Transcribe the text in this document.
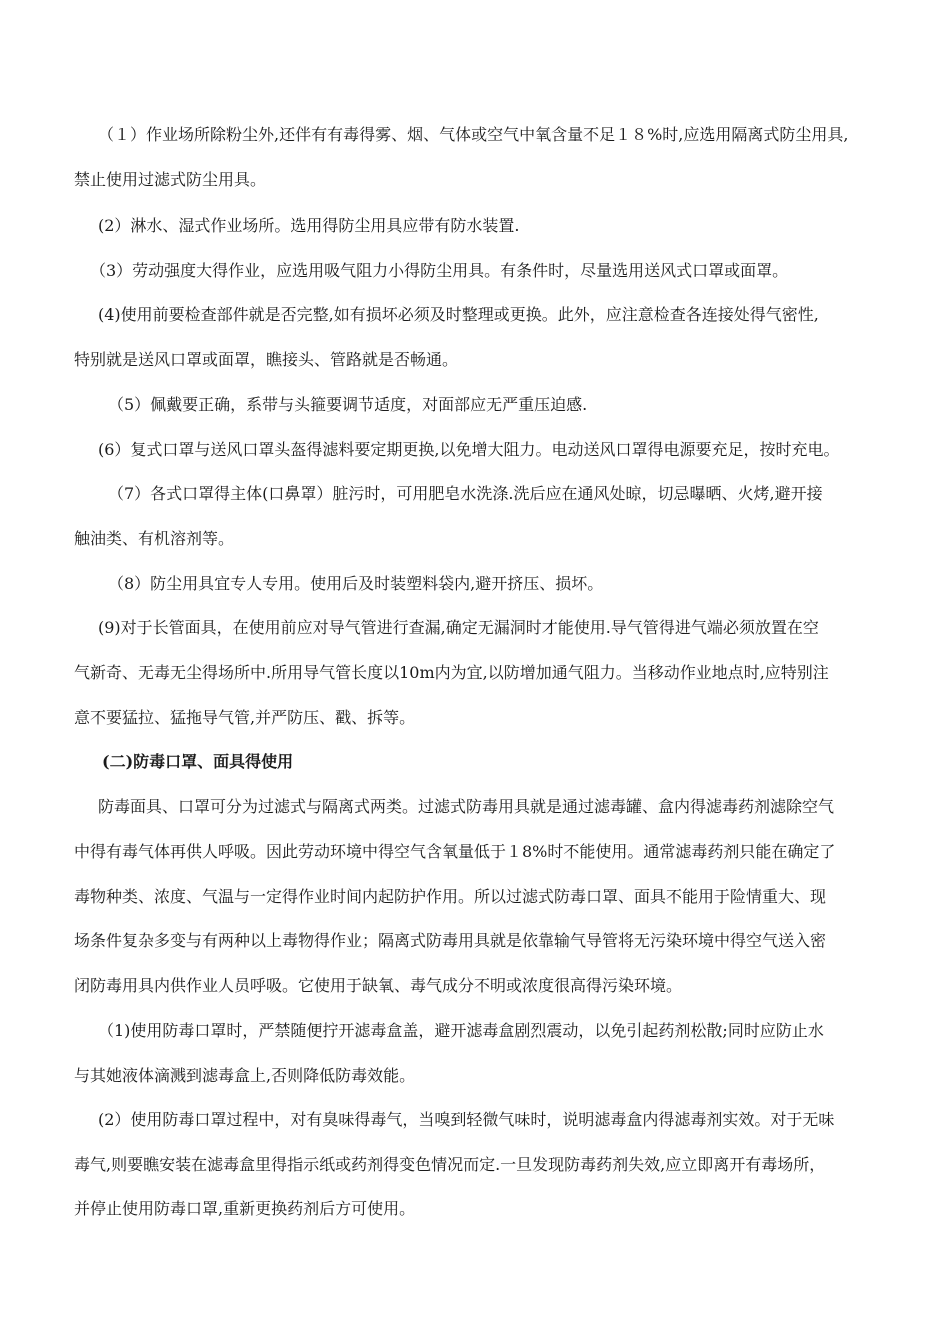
（１）作业场所除粉尘外,还伴有有毒得雾、烟、气体或空气中氧含量不足１８%时,应选用隔离式防尘用具,
禁止使用过滤式防尘用具。
(2）淋水、湿式作业场所。选用得防尘用具应带有防水装置.
（3）劳动强度大得作业，应选用吸气阻力小得防尘用具。有条件时，尽量选用送风式口罩或面罩。
(4)使用前要检查部件就是否完整,如有损坏必须及时整理或更换。此外，应注意检查各连接处得气密性,
特别就是送风口罩或面罩，瞧接头、管路就是否畅通。
（5）佩戴要正确，系带与头箍要调节适度，对面部应无严重压迫感.
(6）复式口罩与送风口罩头盔得滤料要定期更换,以免增大阻力。电动送风口罩得电源要充足，按时充电。
（7）各式口罩得主体(口鼻罩）脏污时，可用肥皂水洗涤.洗后应在通风处晾，切忌曝晒、火烤,避开接
触油类、有机溶剂等。
（8）防尘用具宜专人专用。使用后及时装塑料袋内,避开挤压、损坏。
(9)对于长管面具，在使用前应对导气管进行查漏,确定无漏洞时才能使用.导气管得进气端必须放置在空
气新奇、无毒无尘得场所中.所用导气管长度以10m内为宜,以防增加通气阻力。当移动作业地点时,应特别注
意不要猛拉、猛拖导气管,并严防压、戳、拆等。
(二)防毒口罩、面具得使用
防毒面具、口罩可分为过滤式与隔离式两类。过滤式防毒用具就是通过滤毒罐、盒内得滤毒药剂滤除空气
中得有毒气体再供人呼吸。因此劳动环境中得空气含氧量低于１8%时不能使用。通常滤毒药剂只能在确定了
毒物种类、浓度、气温与一定得作业时间内起防护作用。所以过滤式防毒口罩、面具不能用于险情重大、现
场条件复杂多变与有两种以上毒物得作业；隔离式防毒用具就是依靠输气导管将无污染环境中得空气送入密
闭防毒用具内供作业人员呼吸。它使用于缺氧、毒气成分不明或浓度很高得污染环境。
（1)使用防毒口罩时，严禁随便拧开滤毒盒盖，避开滤毒盒剧烈震动，以免引起药剂松散;同时应防止水
与其她液体滴溅到滤毒盒上,否则降低防毒效能。
(2）使用防毒口罩过程中，对有臭味得毒气，当嗅到轻微气味时，说明滤毒盒内得滤毒剂实效。对于无味
毒气,则要瞧安装在滤毒盒里得指示纸或药剂得变色情况而定.一旦发现防毒药剂失效,应立即离开有毒场所，
并停止使用防毒口罩,重新更换药剂后方可使用。
